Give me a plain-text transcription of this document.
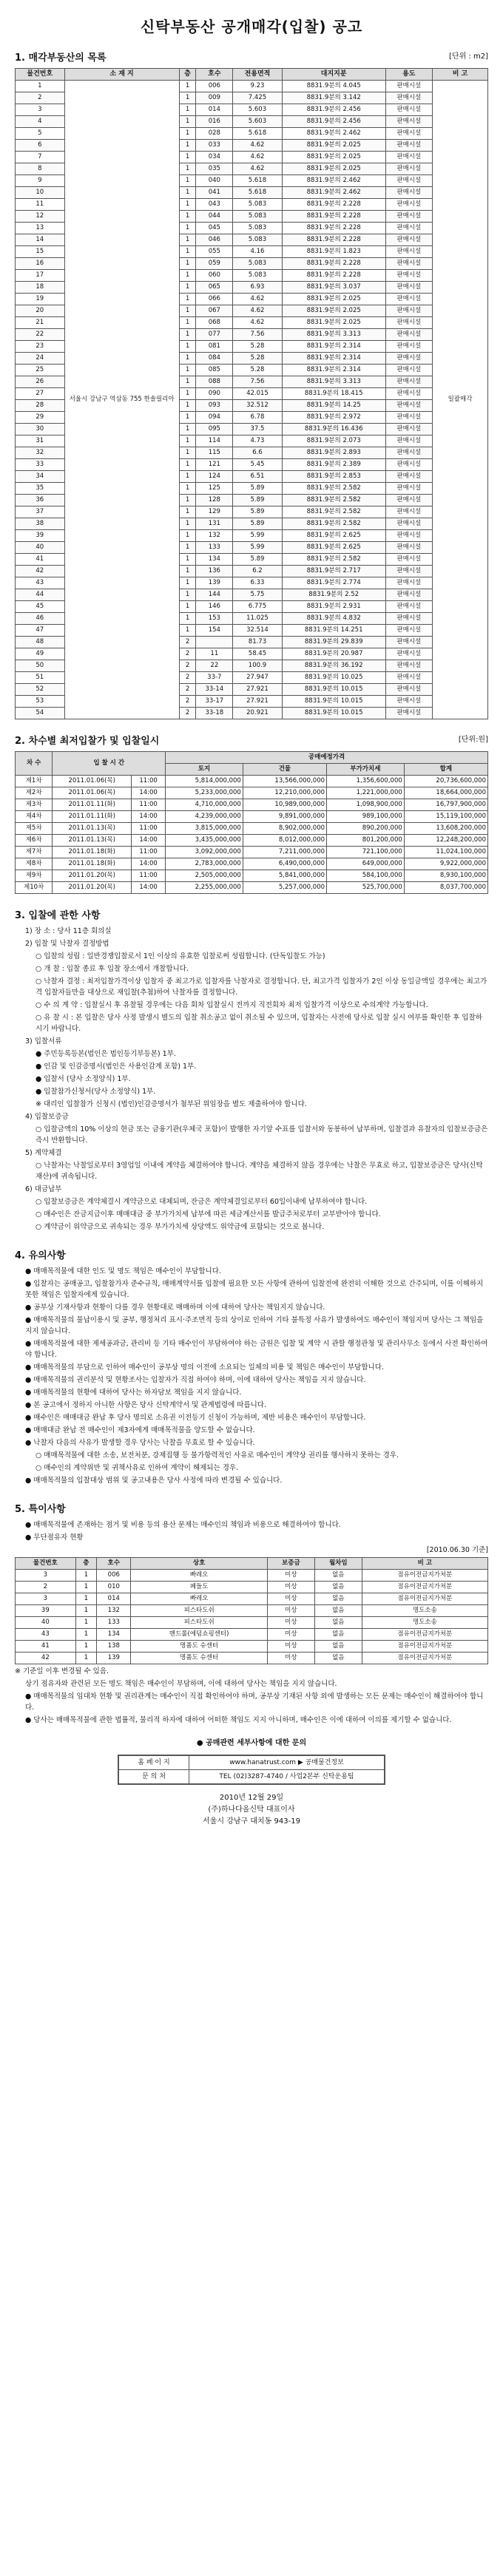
신탁부동산 공개매각(입찰) 공고
1. 매각부동산의 목록	[단위 : m2]
물건번호	소 재 지	층	호수	전용면적	대지지분	용도	비 고
1	서울시 강남구 역삼동 755 한솔필리아	1	006	9.23	8831.9분의 4.045	판매시설	일괄매각
2		1	009	7.425	8831.9분의 3.142	판매시설	
3		1	014	5.603	8831.9분의 2.456	판매시설	
4		1	016	5.603	8831.9분의 2.456	판매시설	
5		1	028	5.618	8831.9분의 2.462	판매시설	
6		1	033	4.62	8831.9분의 2.025	판매시설	
7		1	034	4.62	8831.9분의 2.025	판매시설	
8		1	035	4.62	8831.9분의 2.025	판매시설	
9		1	040	5.618	8831.9분의 2.462	판매시설	
10		1	041	5.618	8831.9분의 2.462	판매시설	
11		1	043	5.083	8831.9분의 2.228	판매시설	
12		1	044	5.083	8831.9분의 2.228	판매시설	
13		1	045	5.083	8831.9분의 2.228	판매시설	
14		1	046	5.083	8831.9분의 2.228	판매시설	
15		1	055	4.16	8831.9분의 1.823	판매시설	
16		1	059	5.083	8831.9분의 2.228	판매시설	
17		1	060	5.083	8831.9분의 2.228	판매시설	
18		1	065	6.93	8831.9분의 3.037	판매시설	
19		1	066	4.62	8831.9분의 2.025	판매시설	
20		1	067	4.62	8831.9분의 2.025	판매시설	
21		1	068	4.62	8831.9분의 2.025	판매시설	
22		1	077	7.56	8831.9분의 3.313	판매시설	
23		1	081	5.28	8831.9분의 2.314	판매시설	
24		1	084	5.28	8831.9분의 2.314	판매시설	
25		1	085	5.28	8831.9분의 2.314	판매시설	
26		1	088	7.56	8831.9분의 3.313	판매시설	
27		1	090	42.015	8831.9분의 18.415	판매시설	
28		1	093	32.512	8831.9분의 14.25	판매시설	
29		1	094	6.78	8831.9분의 2.972	판매시설	
30		1	095	37.5	8831.9분의 16.436	판매시설	
31		1	114	4.73	8831.9분의 2.073	판매시설	
32		1	115	6.6	8831.9분의 2.893	판매시설	
33		1	121	5.45	8831.9분의 2.389	판매시설	
34		1	124	6.51	8831.9분의 2.853	판매시설	
35		1	125	5.89	8831.9분의 2.582	판매시설	
36		1	128	5.89	8831.9분의 2.582	판매시설	
37		1	129	5.89	8831.9분의 2.582	판매시설	
38		1	131	5.89	8831.9분의 2.582	판매시설	
39		1	132	5.99	8831.9분의 2.625	판매시설	
40		1	133	5.99	8831.9분의 2.625	판매시설	
41		1	134	5.89	8831.9분의 2.582	판매시설	
42		1	136	6.2	8831.9분의 2.717	판매시설	
43		1	139	6.33	8831.9분의 2.774	판매시설	
44		1	144	5.75	8831.9분의 2.52	판매시설	
45		1	146	6.775	8831.9분의 2.931	판매시설	
46		1	153	11.025	8831.9분의 4.832	판매시설	
47		1	154	32.514	8831.9분의 14.251	판매시설	
48		2		81.73	8831.9분의 29.839	판매시설	
49		2	11	58.45	8831.9분의 20.987	판매시설	
50		2	22	100.9	8831.9분의 36.192	판매시설	
51		2	33-7	27.947	8831.9분의 10.025	판매시설	
52		2	33-14	27.921	8831.9분의 10.015	판매시설	
53		2	33-17	27.921	8831.9분의 10.015	판매시설	
54		2	33-18	20.921	8831.9분의 10.015	판매시설	
2. 차수별 최저입찰가 및 입찰일시	[단위:원]
차 수	입 찰 시 간		공매예정가격			
			토지	건물	부가가치세	합계
제1차	2011.01.06(목)	11:00	5,814,000,000	13,566,000,000	1,356,600,000	20,736,600,000
제2차	2011.01.06(목)	14:00	5,233,000,000	12,210,000,000	1,221,000,000	18,664,000,000
제3차	2011.01.11(화)	11:00	4,710,000,000	10,989,000,000	1,098,900,000	16,797,900,000
제4차	2011.01.11(화)	14:00	4,239,000,000	9,891,000,000	989,100,000	15,119,100,000
제5차	2011.01.13(목)	11:00	3,815,000,000	8,902,000,000	890,200,000	13,608,200,000
제6차	2011.01.13(목)	14:00	3,435,000,000	8,012,000,000	801,200,000	12,248,200,000
제7차	2011.01.18(화)	11:00	3,092,000,000	7,211,000,000	721,100,000	11,024,100,000
제8차	2011.01.18(화)	14:00	2,783,000,000	6,490,000,000	649,000,000	9,922,000,000
제9차	2011.01.20(목)	11:00	2,505,000,000	5,841,000,000	584,100,000	8,930,100,000
제10차	2011.01.20(목)	14:00	2,255,000,000	5,257,000,000	525,700,000	8,037,700,000
3. 입찰에 관한 사항
1) 장 소 : 당사 11층 회의실
2) 입찰 및 낙찰자 결정방법
○ 입찰의 성립 : 일반경쟁입찰로서 1인 이상의 유효한 입찰로써 성립합니다. (단독입찰도 가능)
○ 개 찰 : 입찰 종료 후 입찰 장소에서 개찰합니다.
○ 낙찰자 결정 : 최저입찰가격이상 입찰자 중 최고가로 입찰자를 낙찰자로 결정합니다. 단, 최고가격 입찰자가 2인 이상 동일금액일 경우에는 최고가격 입찰자들만을 대상으로 재입찰(추첨)하여 낙찰자를 결정합니다.
○ 수 의 계 약 : 입찰실시 후 유찰될 경우에는 다음 회차 입찰실시 전까지 직전회차 최저 입찰가격 이상으로 수의계약 가능합니다.
○ 유 찰 시 : 본 입찰은 당사 사정 발생시 별도의 입찰 취소공고 없이 취소될 수 있으며, 입찰자는 사전에 당사로 입찰 실시 여부를 확인한 후 입찰하시기 바랍니다.
3) 입찰서류
● 주민등록등본(법인은 법인등기부등본) 1부.
● 인감 및 인감증명서(법인은 사용인감계 포함) 1부.
● 입찰서 (당사 소정양식) 1부.
● 입찰참가신청서(당사 소정양식) 1부.
※ 대리인 입찰참가 신청시 (법인)인감증명서가 첨부된 위임장을 별도 제출하여야 합니다.
4) 입찰보증금
○ 입찰금액의 10% 이상의 현금 또는 금융기관(우체국 포함)이 발행한 자기앞 수표를 입찰서와 동봉하여 납부하며, 입찰결과 유찰자의 입찰보증금은 즉시 반환합니다.
5) 계약체결
○ 낙찰자는 낙찰일로부터 3영업일 이내에 계약을 체결하여야 합니다. 계약을 체결하지 않을 경우에는 낙찰은 무효로 하고, 입찰보증금은 당사(신탁재산)에 귀속됩니다.
6) 대금납부
○ 입찰보증금은 계약체결시 계약금으로 대체되며, 잔금은 계약체결일로부터 60일이내에 납부하여야 합니다.
○ 매수인은 잔금지급이후 매매대금 중 부가가치세 납부에 따른 세금계산서를 발급주처로부터 교부받아야 합니다.
○ 계약금이 위약금으로 귀속되는 경우 부가가치세 상당액도 위약금에 포함되는 것으로 봅니다.
4. 유의사항
● 매매목적물에 대한 인도 및 명도 책임은 매수인이 부담합니다.
● 입찰자는 공매공고, 입찰참가자 준수규칙, 매매계약서를 입찰에 필요한 모든 사항에 관하여 입찰전에 완전히 이해한 것으로 간주되며, 이를 이해하지 못한 책임은 입찰자에게 있습니다.
● 공부상 기재사항과 현황이 다를 경우 현황대로 매매하며 이에 대하여 당사는 책임지지 않습니다.
● 매매목적물의 물납이용시 및 공부, 행정처리 표시·주조면적 등의 상이로 인하여 기타 불특정 사유가 발생하여도 매수인이 책임지며 당사는 그 책임을 지지 않습니다.
● 매매목적물에 대한 제세공과금, 관리비 등 기타 매수인이 부담하여야 하는 금원은 입찰 및 계약 시 관할 행정관청 및 관리사무소 등에서 사전 확인하여야 합니다.
● 매매목적물의 부담으로 인하여 매수인이 공부상 명의 이전에 소요되는 일체의 비용 및 책임은 매수인이 부담합니다.
● 매매목적물의 권리분석 및 현황조사는 입찰자가 직접 하여야 하며, 이에 대하여 당사는 책임을 지지 않습니다.
● 매매목적물의 현황에 대하여 당사는 하자담보 책임을 지지 않습니다.
● 본 공고에서 정하지 아니한 사항은 당사 신탁계약서 및 관계법령에 따릅니다.
● 매수인은 매매대금 완납 후 당사 명의로 소유권 이전등기 신청이 가능하며, 제반 비용은 매수인이 부담합니다.
● 매매대금 완납 전 매수인이 제3자에게 매매목적물을 양도할 수 없습니다.
● 낙찰자 다음의 사유가 발생할 경우 당사는 낙찰을 무효로 할 수 있습니다.
○ 매매목적물에 대한 소송, 보전처분, 강제집행 등 불가항력적인 사유로 매수인이 계약상 권리를 행사하지 못하는 경우.
○ 매수인의 계약위반 및 귀책사유로 인하여 계약이 해제되는 경우.
● 매매목적물의 입찰대상 범위 및 공고내용은 당사 사정에 따라 변경될 수 있습니다.
5. 특이사항
● 매매목적물에 존재하는 점거 및 비용 등의 용산 문제는 매수인의 책임과 비용으로 해결하여야 합니다.
● 무단점유자 현황
[2010.06.30 기준]
물건번호	층	호수	상호	보증금	월차임	비 고
3	1	006	빠레오	미상	없음	점유이전금지가처분
2	1	010	페들도	미상	없음	점유이전금지가처분
3	1	014	빠레오	미상	없음	점유이전금지가처분
39	1	132	피스타도쉬	미상	없음	명도소송
40	1	133	피스타도쉬	미상	없음	명도소송
43	1	134	맨드롤(에덤쇼핑센터)	미상	없음	점유이전금지가처분
41	1	138	명품도 슈센터	미상	없음	점유이전금지가처분
42	1	139	명품도 슈센터	미상	없음	점유이전금지가처분
※ 기준일 이후 변경될 수 있음.
상기 점유자와 관련된 모든 명도 책임은 매수인이 부담하며, 이에 대하여 당사는 책임을 지지 않습니다.
● 매매목적물의 임대차 현황 및 권리관계는 매수인이 직접 확인하여야 하며, 공부상 기재된 사항 외에 발생하는 모든 문제는 매수인이 해결하여야 합니다.
● 당사는 매매목적물에 관한 법률적, 물리적 하자에 대하여 어떠한 책임도 지지 아니하며, 매수인은 이에 대하여 이의를 제기할 수 없습니다.
● 공매관련 세부사항에 대한 문의
홈 페 이 지	www.hanatrust.com ▶ 공매물건정보
문 의 처	TEL (02)3287-4740 / 사업2본부 신탁운용팀
2010년 12월 29일
(주)하나다올신탁 대표이사
서울시 강남구 대치동 943-19
